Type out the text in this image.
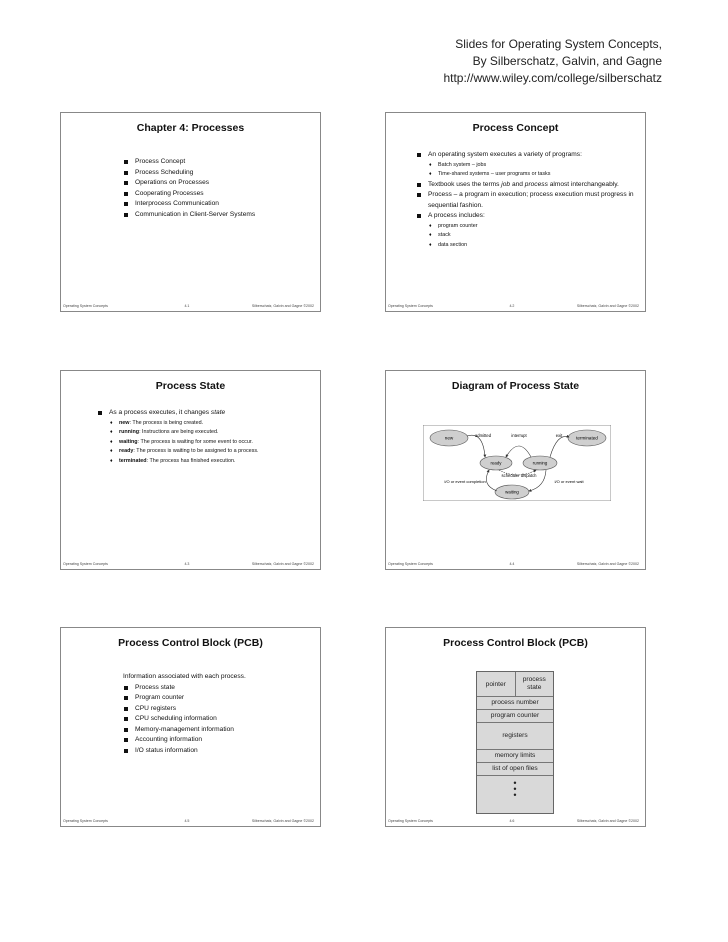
Slides for Operating System Concepts,
By Silberschatz, Galvin, and Gagne
http://www.wiley.com/college/silberschatz
Chapter 4: Processes
Process Concept
Process Scheduling
Operations on Processes
Cooperating Processes
Interprocess Communication
Communication in Client-Server Systems
Operating System Concepts	4.1	Silberschatz, Galvin and Gagne ©2002
Process Concept
An operating system executes a variety of programs:
♦ Batch system – jobs
♦ Time-shared systems – user programs or tasks
Textbook uses the terms job and process almost interchangeably.
Process – a program in execution; process execution must progress in sequential fashion.
A process includes:
♦ program counter
♦ stack
♦ data section
Operating System Concepts	4.2	Silberschatz, Galvin and Gagne ©2002
Process State
As a process executes, it changes state
♦ new: The process is being created.
♦ running: Instructions are being executed.
♦ waiting: The process is waiting for some event to occur.
♦ ready: The process is waiting to be assigned to a process.
♦ terminated: The process has finished execution.
Operating System Concepts	4.3	Silberschatz, Galvin and Gagne ©2002
Diagram of Process State
new	terminated
ready	running
waiting
admitted	interrupt	exit
scheduler dispatch
I/O or event completion	I/O or event wait
Operating System Concepts	4.4	Silberschatz, Galvin and Gagne ©2002
Process Control Block (PCB)
Information associated with each process.
Process state
Program counter
CPU registers
CPU scheduling information
Memory-management information
Accounting information
I/O status information
Operating System Concepts	4.5	Silberschatz, Galvin and Gagne ©2002
Process Control Block (PCB)
pointer
process
state
process number
program counter
registers
memory limits
list of open files
•
•
•
Operating System Concepts	4.6	Silberschatz, Galvin and Gagne ©2002
